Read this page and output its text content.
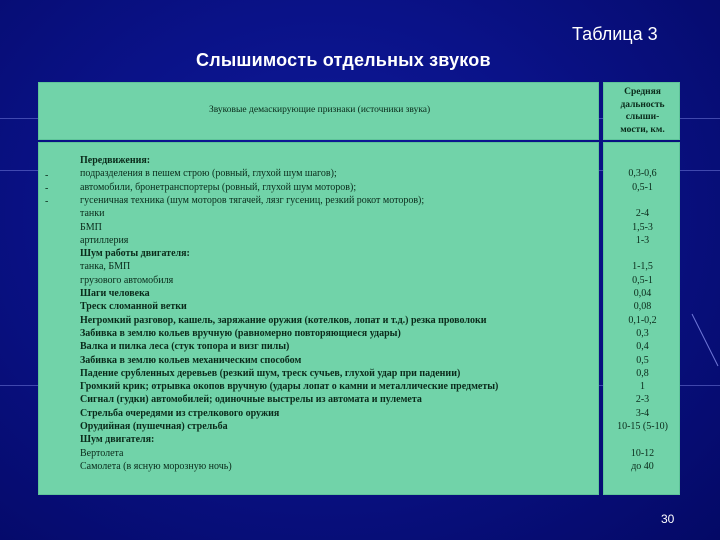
Таблица 3
Слышимость отдельных звуков
Звуковые демаскирующие признаки (источники звука)
Средняя
дальность
слыши-
мости, км.
-
-
-
Передвижения:
подразделения в пешем строю (ровный, глухой шум шагов);
автомобили, бронетранспортеры (ровный, глухой шум моторов);
гусеничная техника (шум моторов тягачей, лязг гусениц, резкий рокот моторов);
танки
БМП
артиллерия
Шум работы двигателя:
танка, БМП
грузового автомобиля
Шаги человека
Треск сломанной ветки
Негромкий разговор, кашель, заряжание оружия (котелков, лопат и т.д.) резка проволоки
Забивка в землю кольев вручную (равномерно повторяющиеся удары)
Валка и пилка леса (стук топора и визг пилы)
Забивка в землю кольев механическим способом
Падение срубленных деревьев (резкий шум, треск сучьев, глухой удар при падении)
Громкий крик; отрывка окопов вручную (удары лопат о камни и металлические предметы)
Сигнал (гудки) автомобилей; одиночные выстрелы из автомата и пулемета
Стрельба очередями из стрелкового оружия
Орудийная (пушечная) стрельба
Шум двигателя:
Вертолета
Самолета (в ясную морозную ночь)
0,3-0,6
0,5-1
2-4
1,5-3
1-3
1-1,5
0,5-1
0,04
0,08
0,1-0,2
0,3
0,4
0,5
0,8
1
2-3
3-4
10-15 (5-10)
10-12
до 40
30
